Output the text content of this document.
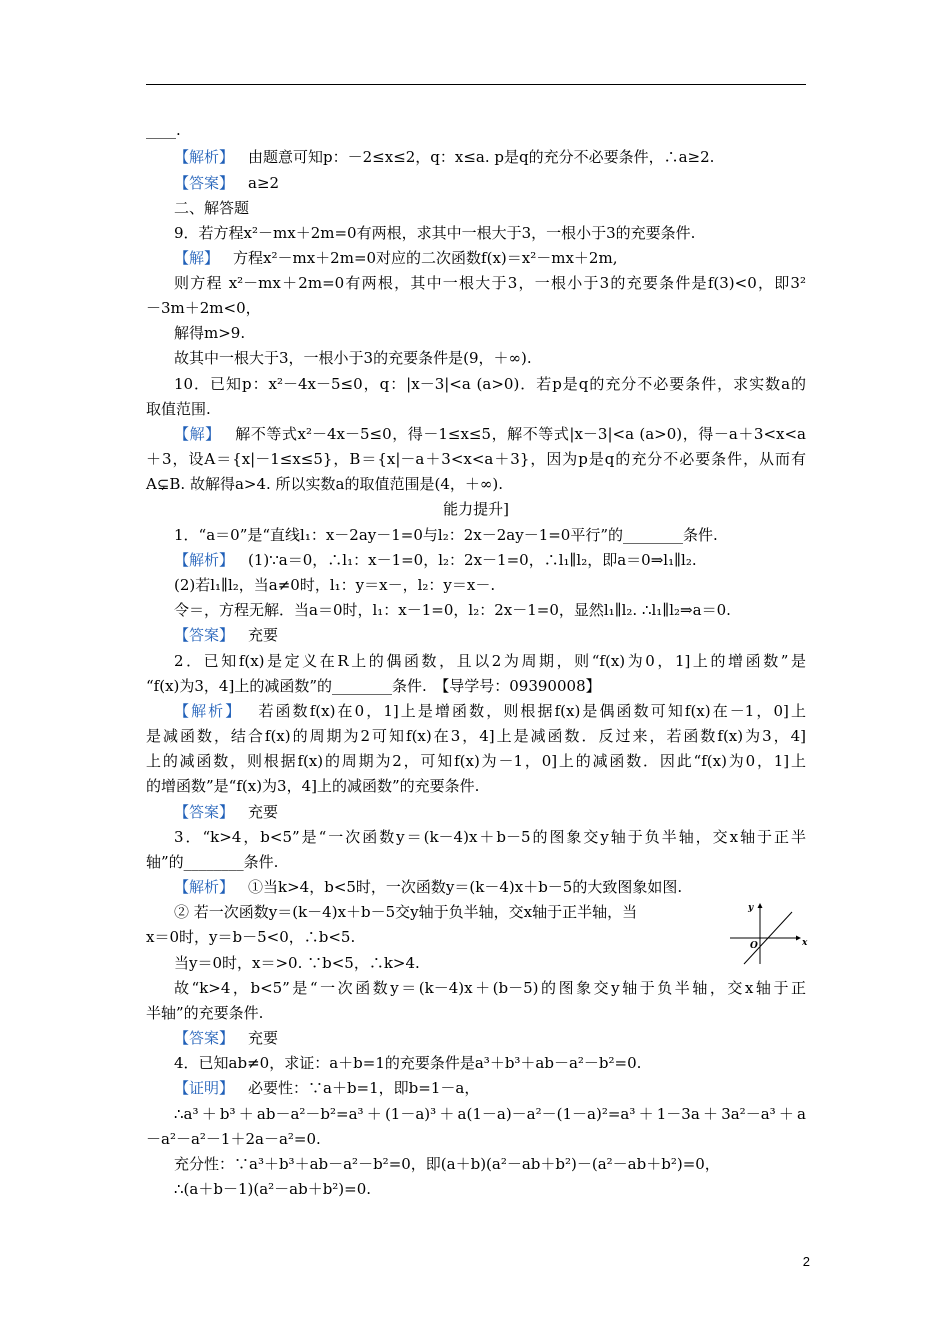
____.
【解析】 由题意可知p：－2≤x≤2，q：x≤a. p是q的充分不必要条件，∴a≥2.
【答案】 a≥2
二、解答题
9．若方程x²－mx＋2m=0有两根，求其中一根大于3，一根小于3的充要条件.
【解】 方程x²－mx＋2m=0对应的二次函数f(x)＝x²－mx＋2m,
则方程 x²－mx＋2m=0有两根，其中一根大于3，一根小于3的充要条件是f(3)<0，即3²
－3m＋2m<0，
解得m>9.
故其中一根大于3，一根小于3的充要条件是(9，＋∞).
10．已知p：x²－4x－5≤0，q：|x－3|<a (a>0)．若p是q的充分不必要条件，求实数a的
取值范围.
【解】 解不等式x²－4x－5≤0，得－1≤x≤5，解不等式|x－3|<a (a>0)，得－a＋3<x<a
＋3，设A＝{x|－1≤x≤5}，B＝{x|－a＋3<x<a＋3}，因为p是q的充分不必要条件，从而有
A⊊B. 故解得a>4. 所以实数a的取值范围是(4，＋∞).
能力提升]
1．“a＝0”是“直线l₁：x－2ay－1=0与l₂：2x－2ay－1=0平行”的________条件.
【解析】 (1)∵a＝0，∴l₁：x－1=0，l₂：2x－1=0，∴l₁∥l₂，即a＝0⇒l₁∥l₂.
(2)若l₁∥l₂，当a≠0时，l₁：y＝x－，l₂：y＝x－.
令＝，方程无解．当a＝0时，l₁：x－1=0，l₂：2x－1=0，显然l₁∥l₂. ∴l₁∥l₂⇒a＝0.
【答案】 充要
2．已知f(x)是定义在R上的偶函数，且以2为周期，则“f(x)为0，1]上的增函数”是
“f(x)为3，4]上的减函数”的________条件.　【导学号：09390008】
【解析】 若函数f(x)在0，1]上是增函数，则根据f(x)是偶函数可知f(x)在－1，0]上
是减函数，结合f(x)的周期为2可知f(x)在3，4]上是减函数．反过来，若函数f(x)为3，4]
上的减函数，则根据f(x)的周期为2，可知f(x)为－1，0]上的减函数．因此“f(x)为0，1]上
的增函数”是“f(x)为3，4]上的减函数”的充要条件.
【答案】 充要
3．“k>4，b<5”是“一次函数y＝(k－4)x＋b－5的图象交y轴于负半轴，交x轴于正半
轴”的________条件.
【解析】 ①当k>4，b<5时，一次函数y＝(k－4)x＋b－5的大致图象如图.
② 若一次函数y＝(k－4)x＋b－5交y轴于负半轴，交x轴于正半轴，当
x＝0时，y＝b－5<0，∴b<5.
当y＝0时，x＝>0. ∵b<5，∴k>4.
故“k>4，b<5”是“一次函数y＝(k－4)x＋(b－5)的图象交y轴于负半轴，交x轴于正
半轴”的充要条件.
【答案】 充要
4．已知ab≠0，求证：a＋b=1的充要条件是a³＋b³＋ab－a²－b²=0.
【证明】 必要性：∵a＋b=1，即b=1－a，
∴a³＋b³＋ab－a²－b²=a³＋(1－a)³＋a(1－a)－a²－(1－a)²=a³＋1－3a＋3a²－a³＋a
－a²－a²－1＋2a－a²=0.
充分性：∵a³＋b³＋ab－a²－b²=0，即(a＋b)(a²－ab＋b²)－(a²－ab＋b²)=0，
∴(a＋b－1)(a²－ab＋b²)=0.
y
x
O
2
